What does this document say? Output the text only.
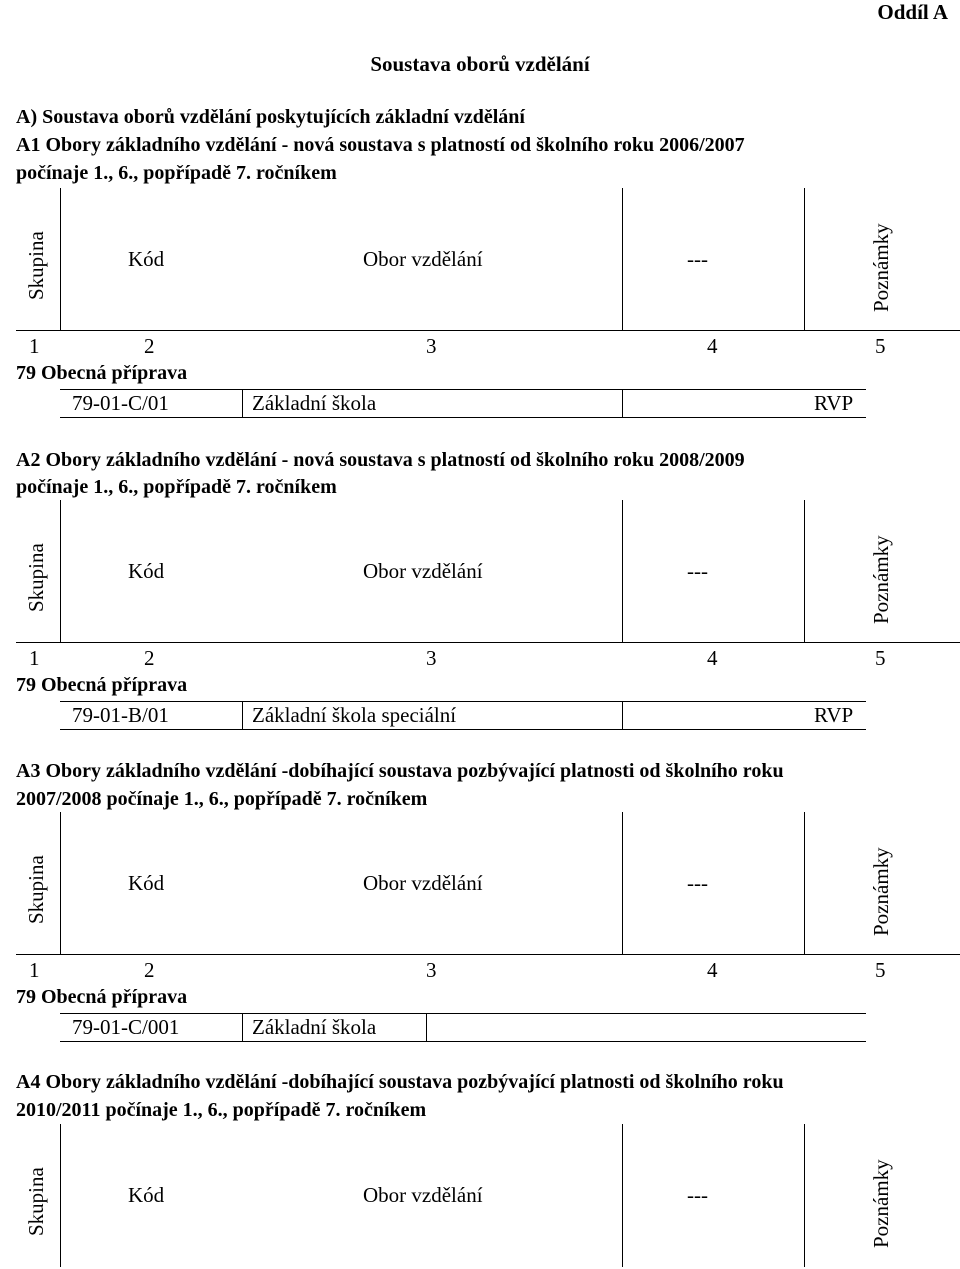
Oddíl A
Soustava oborů vzdělání
A) Soustava oborů vzdělání poskytujících základní vzdělání
A1 Obory základního vzdělání - nová soustava s platností od školního roku 2006/2007
počínaje 1., 6., popřípadě 7. ročníkem
Skupina	Kód	Obor vzdělání	---	Poznámky
1	2	3	4	5
79 Obecná příprava
79-01-C/01	Základní škola	RVP
A2 Obory základního vzdělání - nová soustava s platností od školního roku 2008/2009
počínaje 1., 6., popřípadě 7. ročníkem
Skupina	Kód	Obor vzdělání	---	Poznámky
1	2	3	4	5
79 Obecná příprava
79-01-B/01	Základní škola speciální	RVP
A3 Obory základního vzdělání -dobíhající soustava pozbývající platnosti od školního roku
2007/2008 počínaje 1., 6., popřípadě 7. ročníkem
Skupina	Kód	Obor vzdělání	---	Poznámky
1	2	3	4	5
79 Obecná příprava
79-01-C/001	Základní škola
A4 Obory základního vzdělání -dobíhající soustava pozbývající platnosti od školního roku
2010/2011 počínaje 1., 6., popřípadě 7. ročníkem
Skupina	Kód	Obor vzdělání	---	Poznámky
